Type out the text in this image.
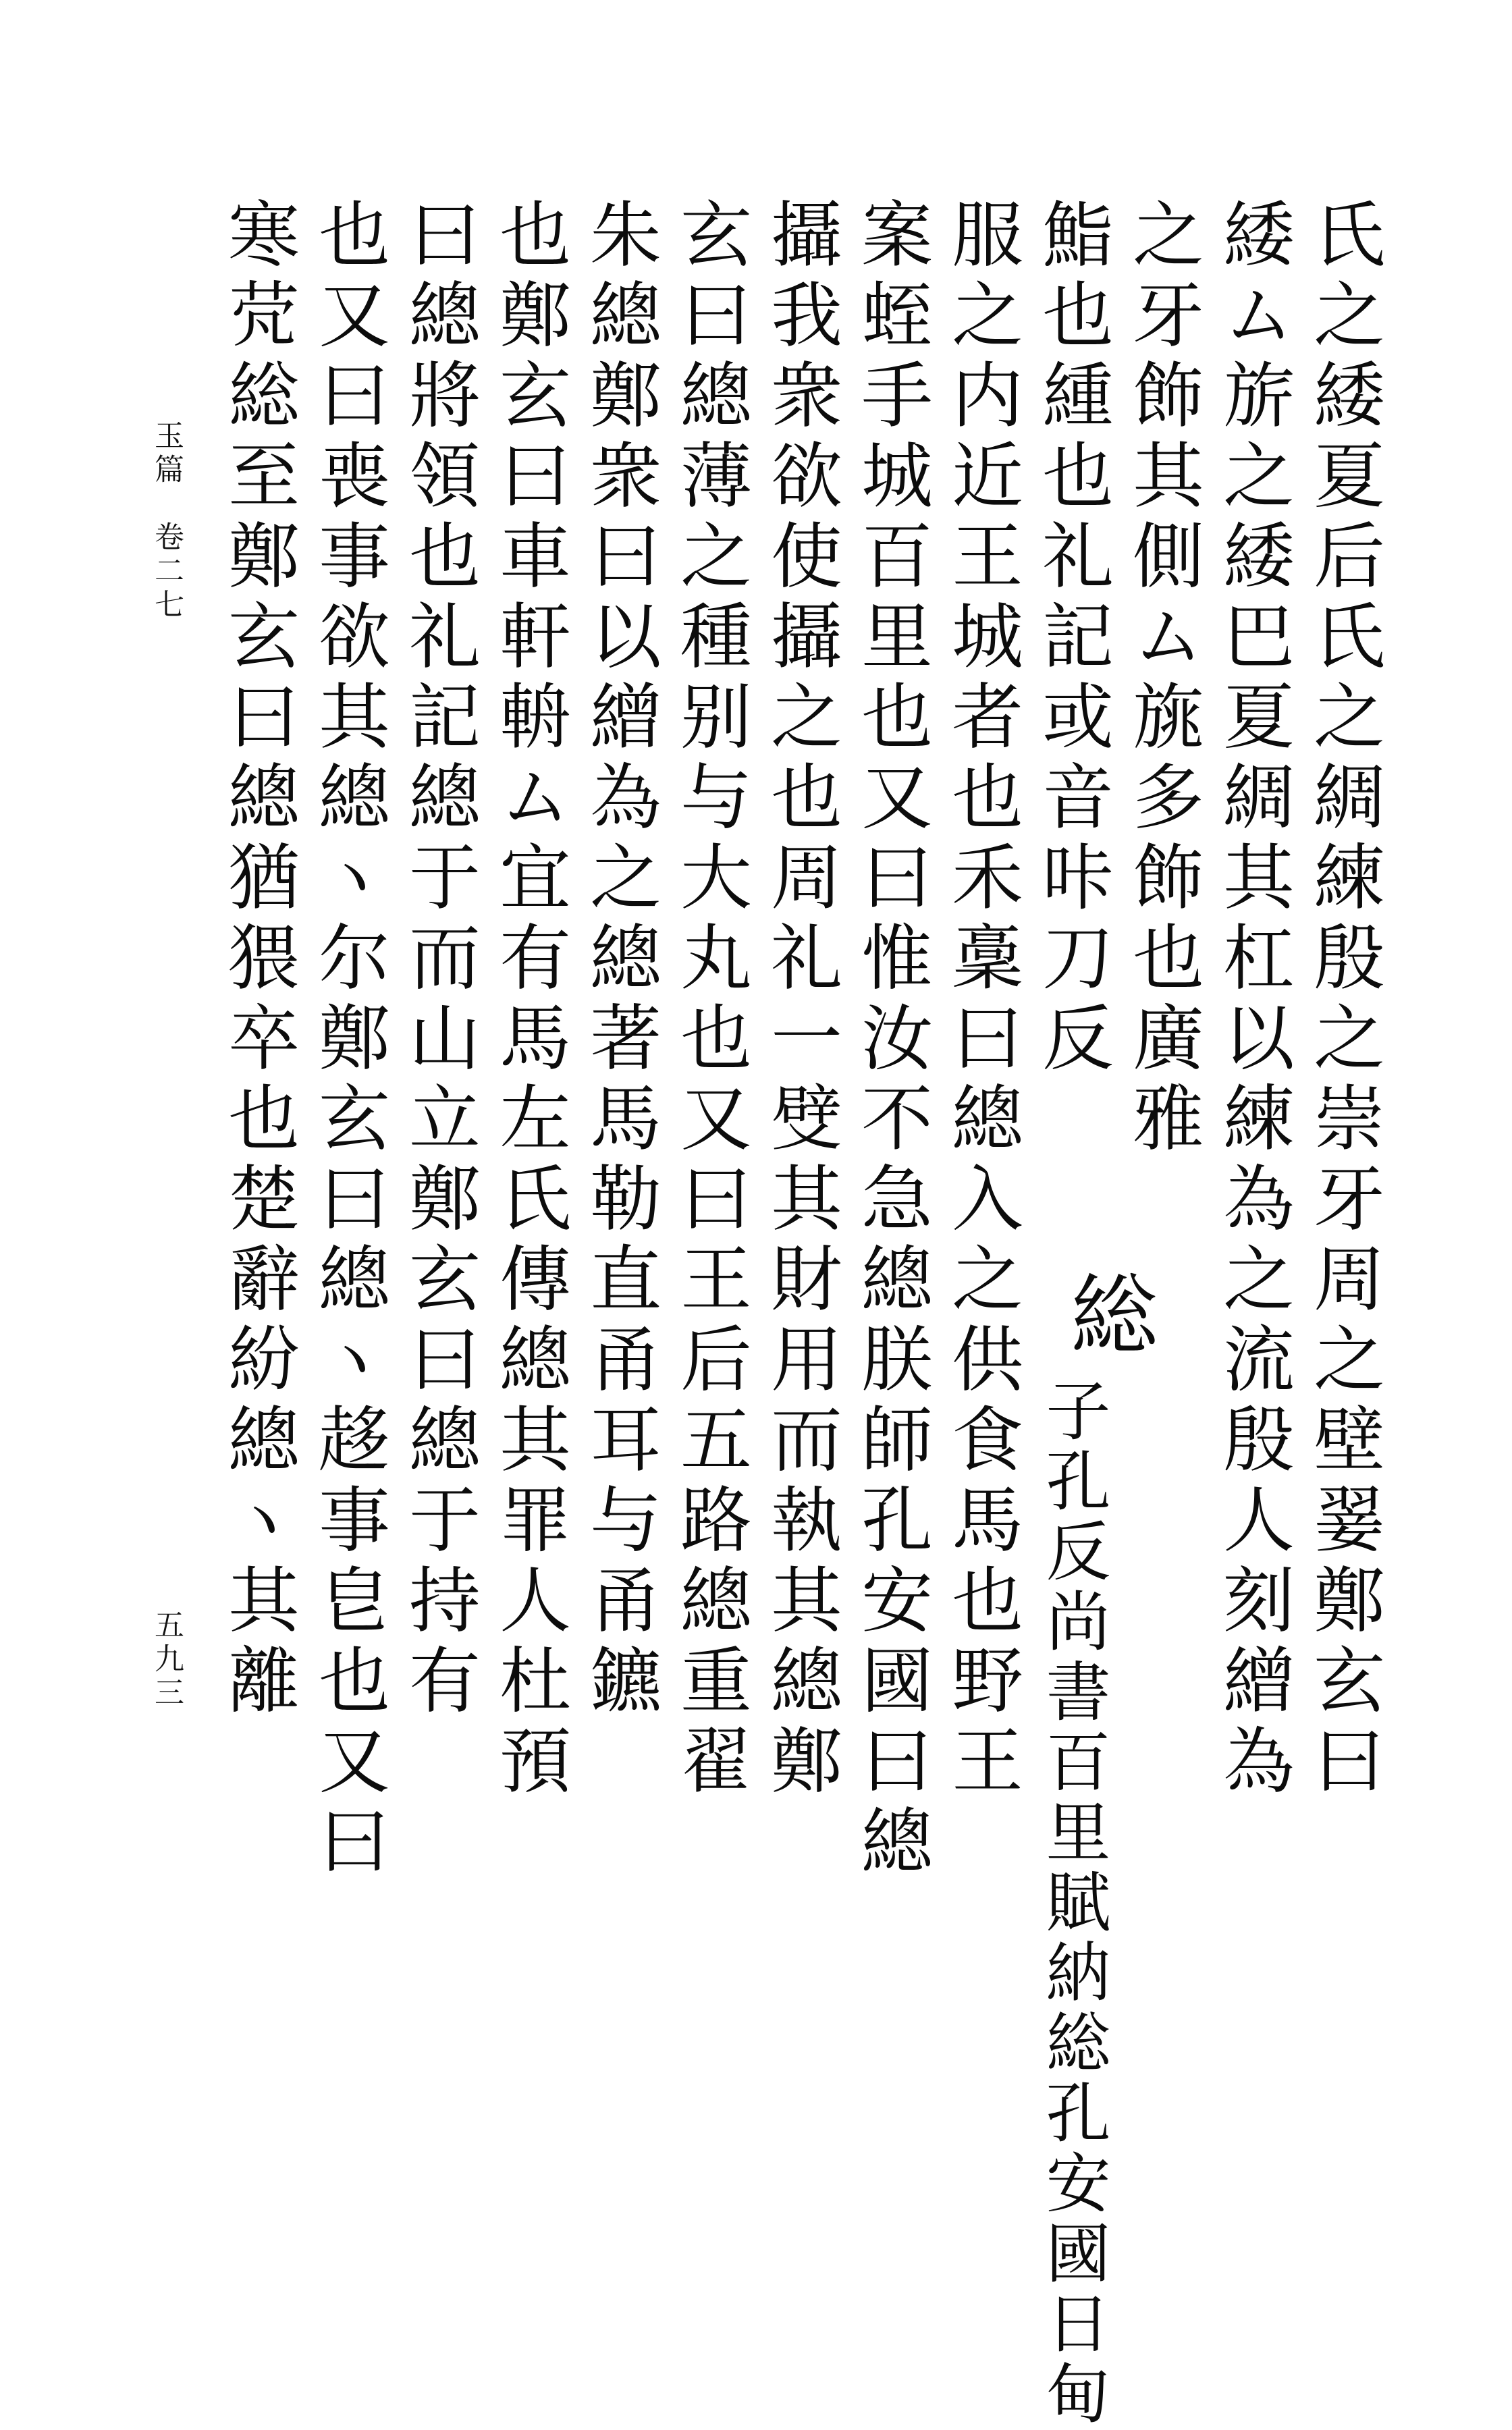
玉篇　卷二七
五九三	氏之緌夏后氏之綢練殷之崇牙周之壁翣鄭玄曰
緌ム旂之緌巴夏綢其杠以練為之流殷人刻繒為
之牙飾其側ム旐多飾也廣雅
鮨也緟也礼記或音咔刀反
総
子孔反尚書百里賦納総孔安國日甸
服之内近王城者也禾稾曰總入之供食馬也野王
案蛭手城百里也又曰惟汝不急總朕師孔安國曰總
攝我衆欲使攝之也周礼一䢃其財用而執其總鄭
玄曰總薄之種别与大丸也又曰王后五路總重翟
朱總鄭衆曰以繒為之總著馬勒直甬耳与甬鑣
也鄭玄曰車軒輈ム宜有馬左氏傳總其罪人杜預
曰總將領也礼記總于而山立鄭玄曰總于持有
也又曰喪事欲其總ヽ尔鄭玄曰總ヽ趍事皀也又曰
寒䒮総至鄭玄曰總猶猥卒也楚辭紛總ヽ其離
